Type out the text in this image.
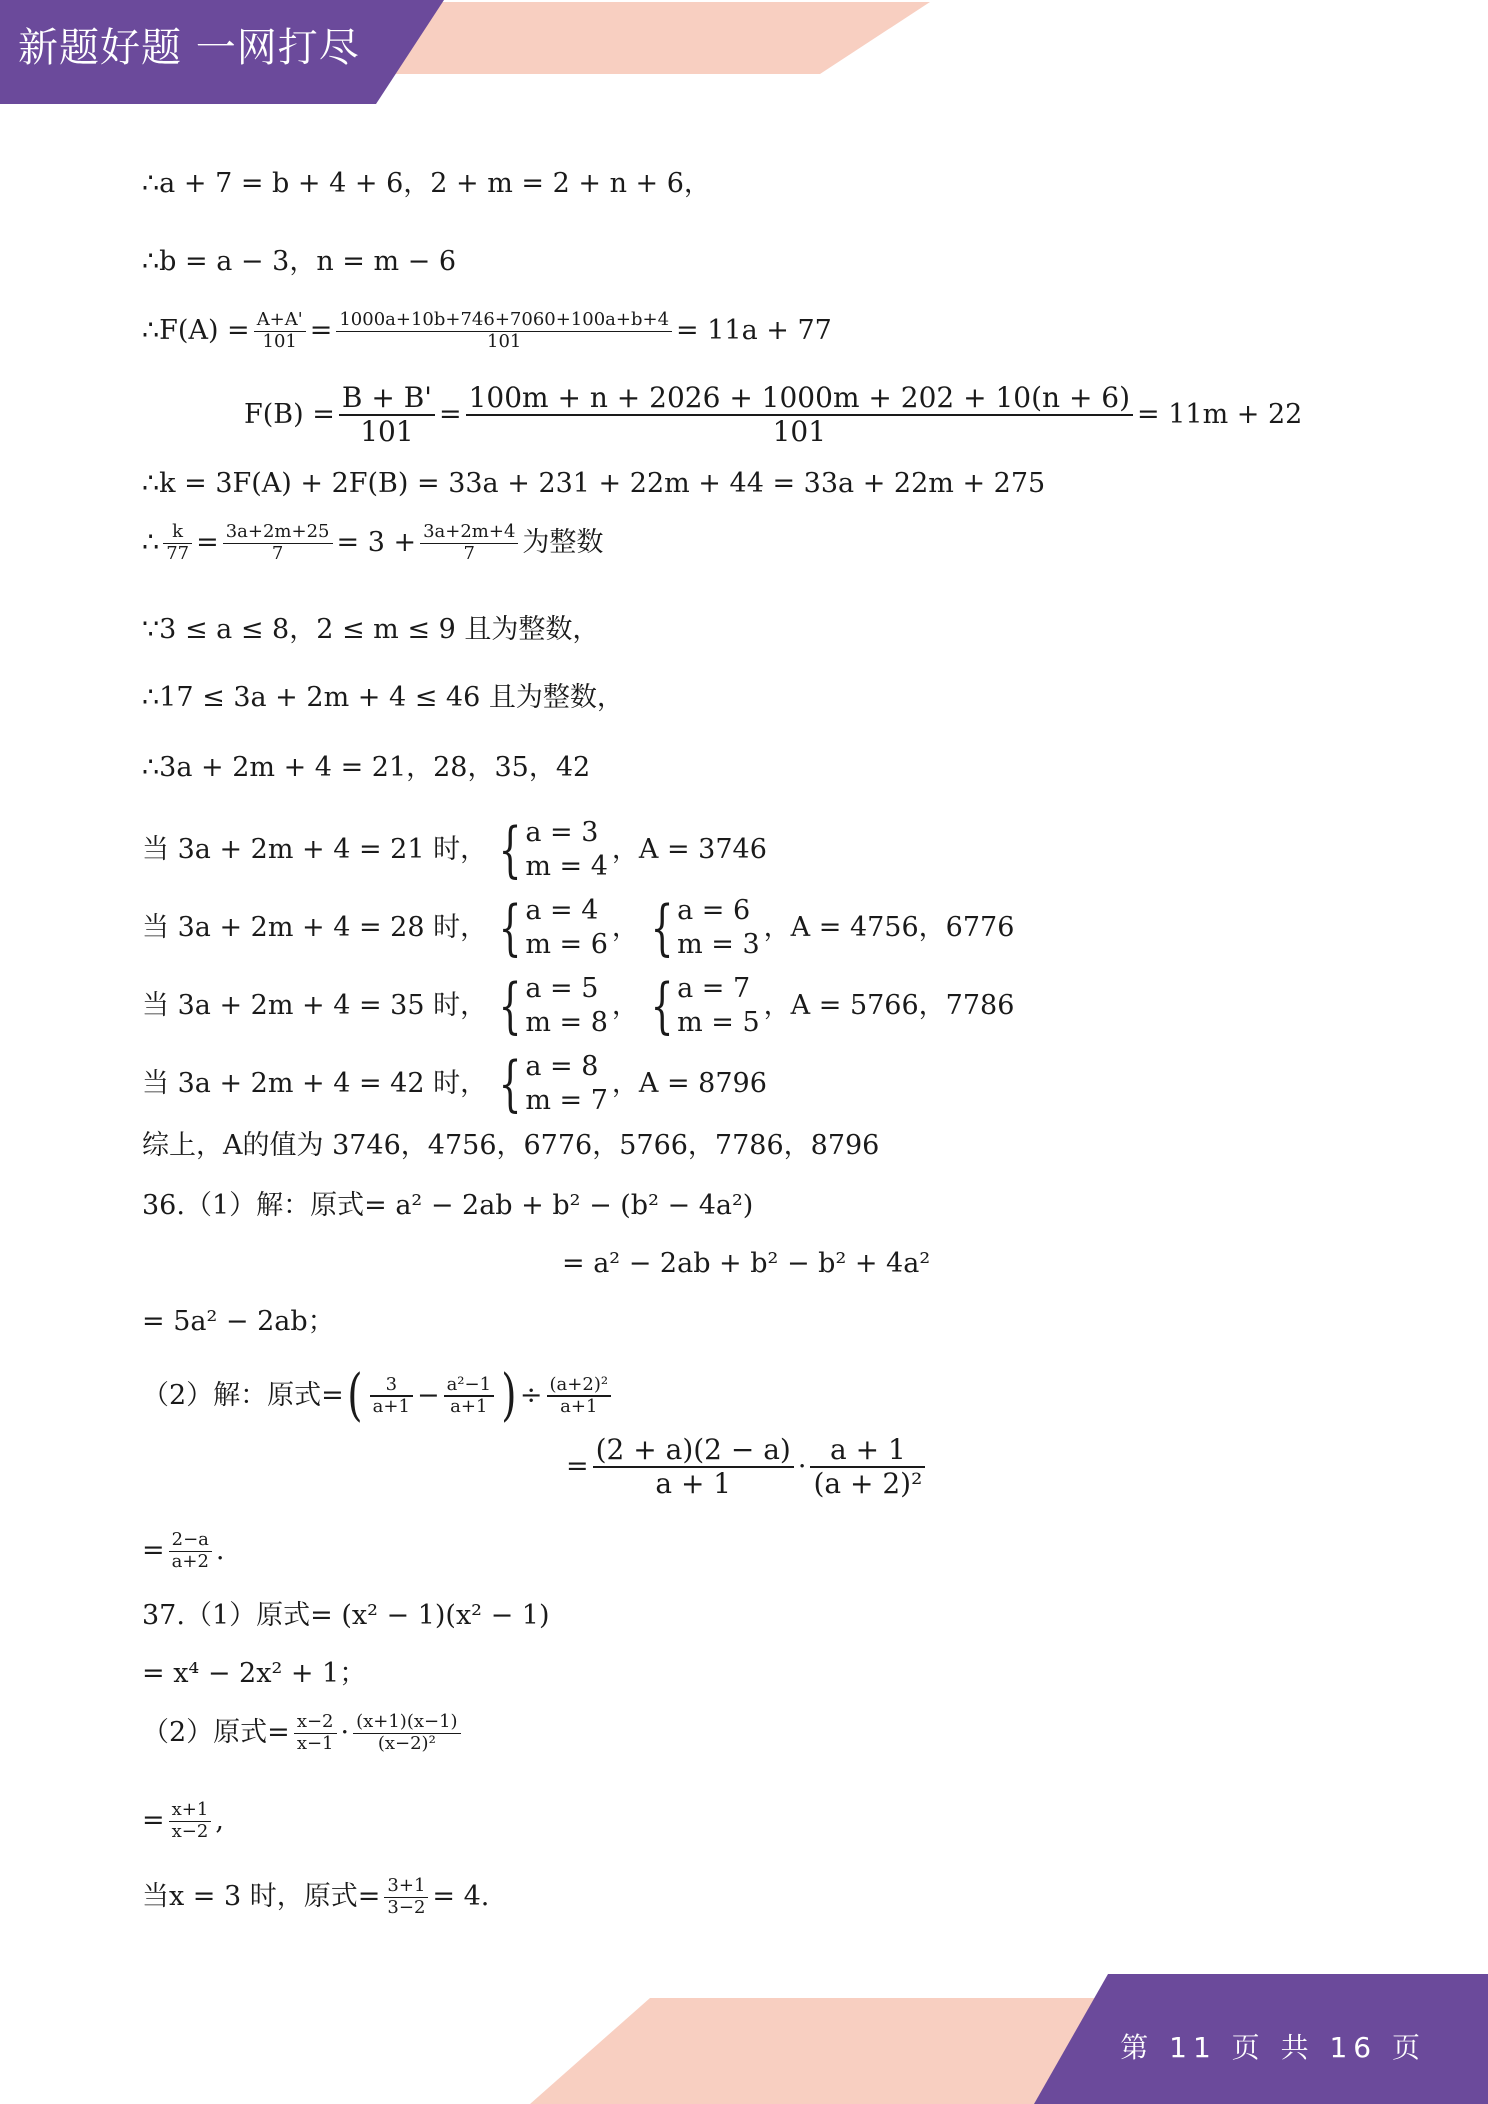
新题好题 一网打尽
第 11 页 共 16 页
∴a + 7 = b + 4 + 6，2 + m = 2 + n + 6，
∴b = a − 3，n = m − 6
∴F(A) = $\frac{A+A'}{101} = \frac{1000a+10b+746+7060+100a+b+4}{101} = 11a + 77$
$F(B) = \frac{B + B'}{101} = \frac{100m + n + 2026 + 1000m + 202 + 10(n + 6)}{101} = 11m + 22$
∴k = 3F(A) + 2F(B) = 33a + 231 + 22m + 44 = 33a + 22m + 275
∴ $\frac{k}{77} = \frac{3a+2m+25}{7} = 3 + \frac{3a+2m+4}{7}$ 为整数
∵3 ≤ a ≤ 8，2 ≤ m ≤ 9 且为整数，
∴17 ≤ 3a + 2m + 4 ≤ 46 且为整数，
∴3a + 2m + 4 = 21，28，35，42
当 3a + 2m + 4 = 21 时， { a = 3
m = 4
，A = 3746
当 3a + 2m + 4 = 28 时， { a = 4
m = 6
， { a = 6
m = 3
，A = 4756，6776
当 3a + 2m + 4 = 35 时， { a = 5
m = 8
， { a = 7
m = 5
，A = 5766，7786
当 3a + 2m + 4 = 42 时， { a = 8
m = 7
，A = 8796
综上，A的值为 3746，4756，6776，5766，7786，8796
36.（1）解：原式= a² − 2ab + b² − (b² − 4a²)
= a² − 2ab + b² − b² + 4a²
= 5a² − 2ab；
（2）解：原式= ( $\frac{3}{a+1} - \frac{\text{a²−1}}{a+1}$ ) ÷ $\frac{\text{(a+2)²}}{a+1}$
= $\frac{(2 + a)(2 - a)}{a + 1} \cdot \frac{a + 1}{\text{(a + 2)²}}$
= $\frac{2-a}{a+2}$ .
37.（1）原式= (x² − 1)(x² − 1)
= x⁴ − 2x² + 1；
（2）原式= $\frac{x-2}{x-1} \cdot \frac{(x+1)(x-1)}{\text{(x−2)²}}$
= $\frac{x+1}{x-2}$ ,
当x = 3 时，原式= $\frac{3+1}{3-2} = 4$.
